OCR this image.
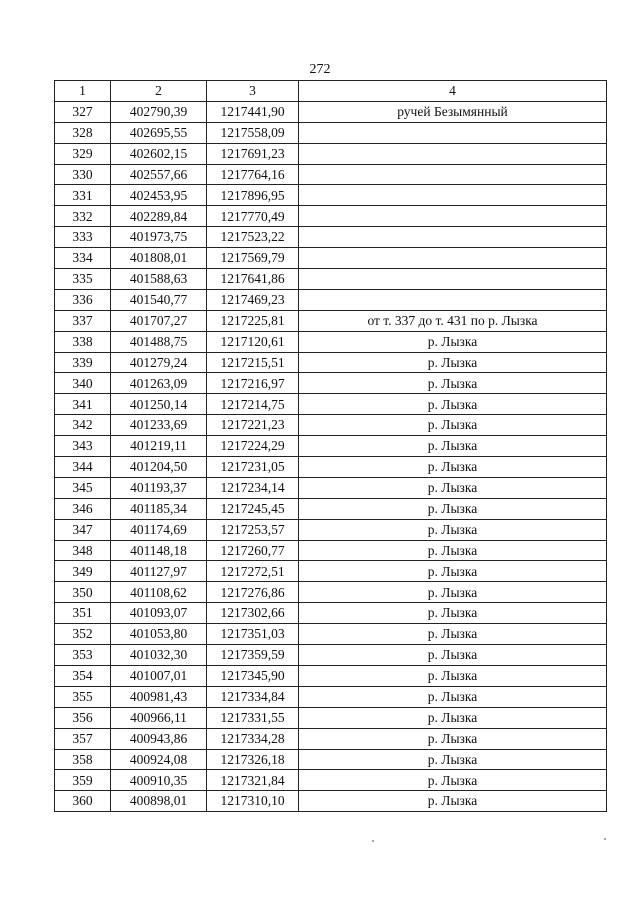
272
1	2	3	4
327	402790,39	1217441,90	ручей Безымянный
328	402695,55	1217558,09	
329	402602,15	1217691,23	
330	402557,66	1217764,16	
331	402453,95	1217896,95	
332	402289,84	1217770,49	
333	401973,75	1217523,22	
334	401808,01	1217569,79	
335	401588,63	1217641,86	
336	401540,77	1217469,23	
337	401707,27	1217225,81	от т. 337 до т. 431 по р. Лызка
338	401488,75	1217120,61	р. Лызка
339	401279,24	1217215,51	р. Лызка
340	401263,09	1217216,97	р. Лызка
341	401250,14	1217214,75	р. Лызка
342	401233,69	1217221,23	р. Лызка
343	401219,11	1217224,29	р. Лызка
344	401204,50	1217231,05	р. Лызка
345	401193,37	1217234,14	р. Лызка
346	401185,34	1217245,45	р. Лызка
347	401174,69	1217253,57	р. Лызка
348	401148,18	1217260,77	р. Лызка
349	401127,97	1217272,51	р. Лызка
350	401108,62	1217276,86	р. Лызка
351	401093,07	1217302,66	р. Лызка
352	401053,80	1217351,03	р. Лызка
353	401032,30	1217359,59	р. Лызка
354	401007,01	1217345,90	р. Лызка
355	400981,43	1217334,84	р. Лызка
356	400966,11	1217331,55	р. Лызка
357	400943,86	1217334,28	р. Лызка
358	400924,08	1217326,18	р. Лызка
359	400910,35	1217321,84	р. Лызка
360	400898,01	1217310,10	р. Лызка
